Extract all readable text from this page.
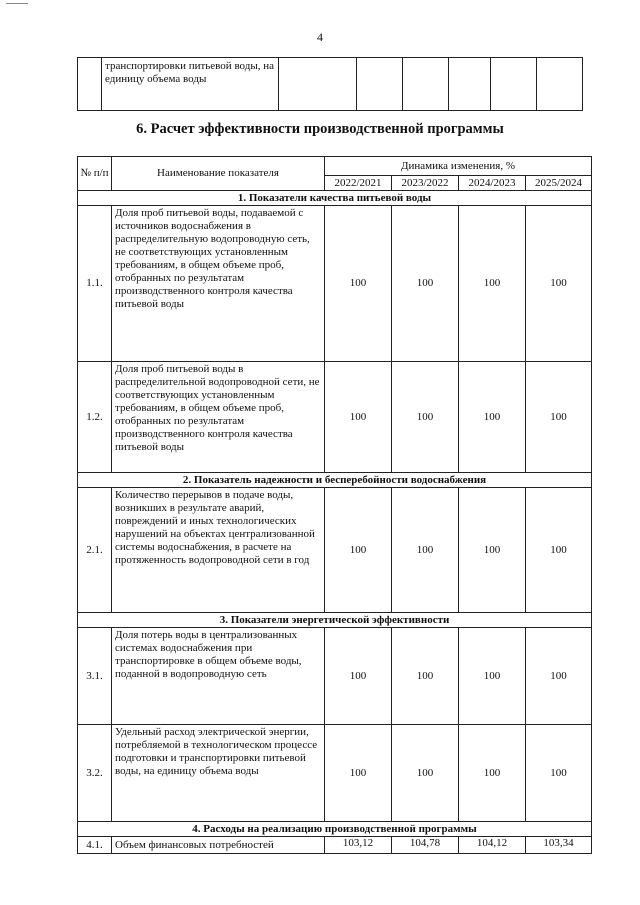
4
	транспортировки питьевой воды, на единицу объема воды						
6. Расчет эффективности производственной программы
№ п/п	Наименование показателя	Динамика изменения, %			
		2022/2021	2023/2022	2024/2023	2025/2024
1. Показатели качества питьевой воды					
1.1.	Доля проб питьевой воды, подаваемой с источников водоснабжения в распределительную водопроводную сеть, не соответствующих установленным требованиям, в общем объеме проб, отобранных по результатам производственного контроля качества питьевой воды	100	100	100	100
1.2.	Доля проб питьевой воды в распределительной водопроводной сети, не соответствующих установленным требованиям, в общем объеме проб, отобранных по результатам производственного контроля качества питьевой воды	100	100	100	100
2. Показатель надежности и бесперебойности водоснабжения					
2.1.	Количество перерывов в подаче воды, возникших в результате аварий, повреждений и иных технологических нарушений на объектах централизованной системы водоснабжения, в расчете на протяженность водопроводной сети в год	100	100	100	100
3. Показатели энергетической эффективности					
3.1.	Доля потерь воды в централизованных системах водоснабжения при транспортировке в общем объеме воды, поданной в водопроводную сеть	100	100	100	100
3.2.	Удельный расход электрической энергии, потребляемой в технологическом процессе подготовки и транспортировки питьевой воды, на единицу объема воды	100	100	100	100
4. Расходы на реализацию производственной программы					
4.1.	Объем финансовых потребностей	103,12	104,78	104,12	103,34
